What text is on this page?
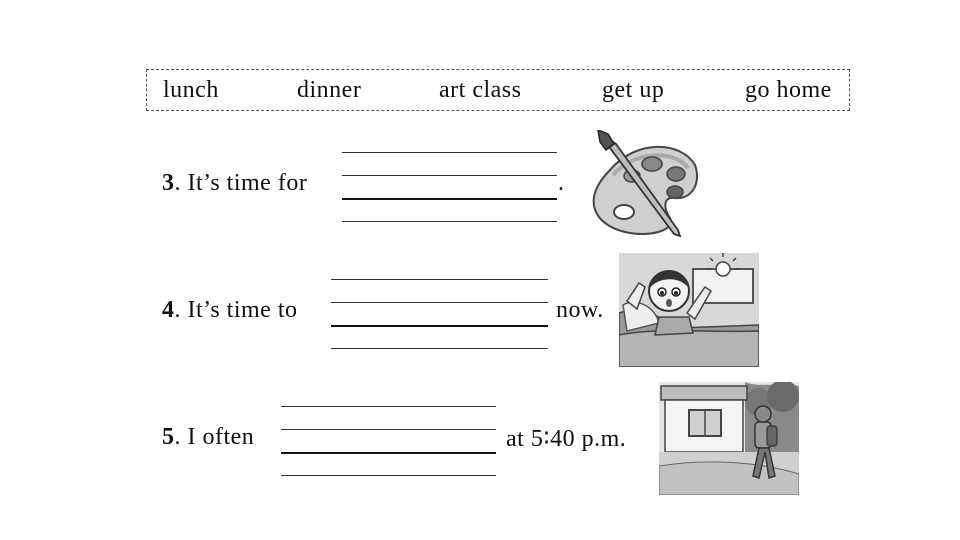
lunch	dinner	art class	get up	go home
3. It’s time for	.
4. It’s time to	now.
5. I often	at 5∶40 p.m.
